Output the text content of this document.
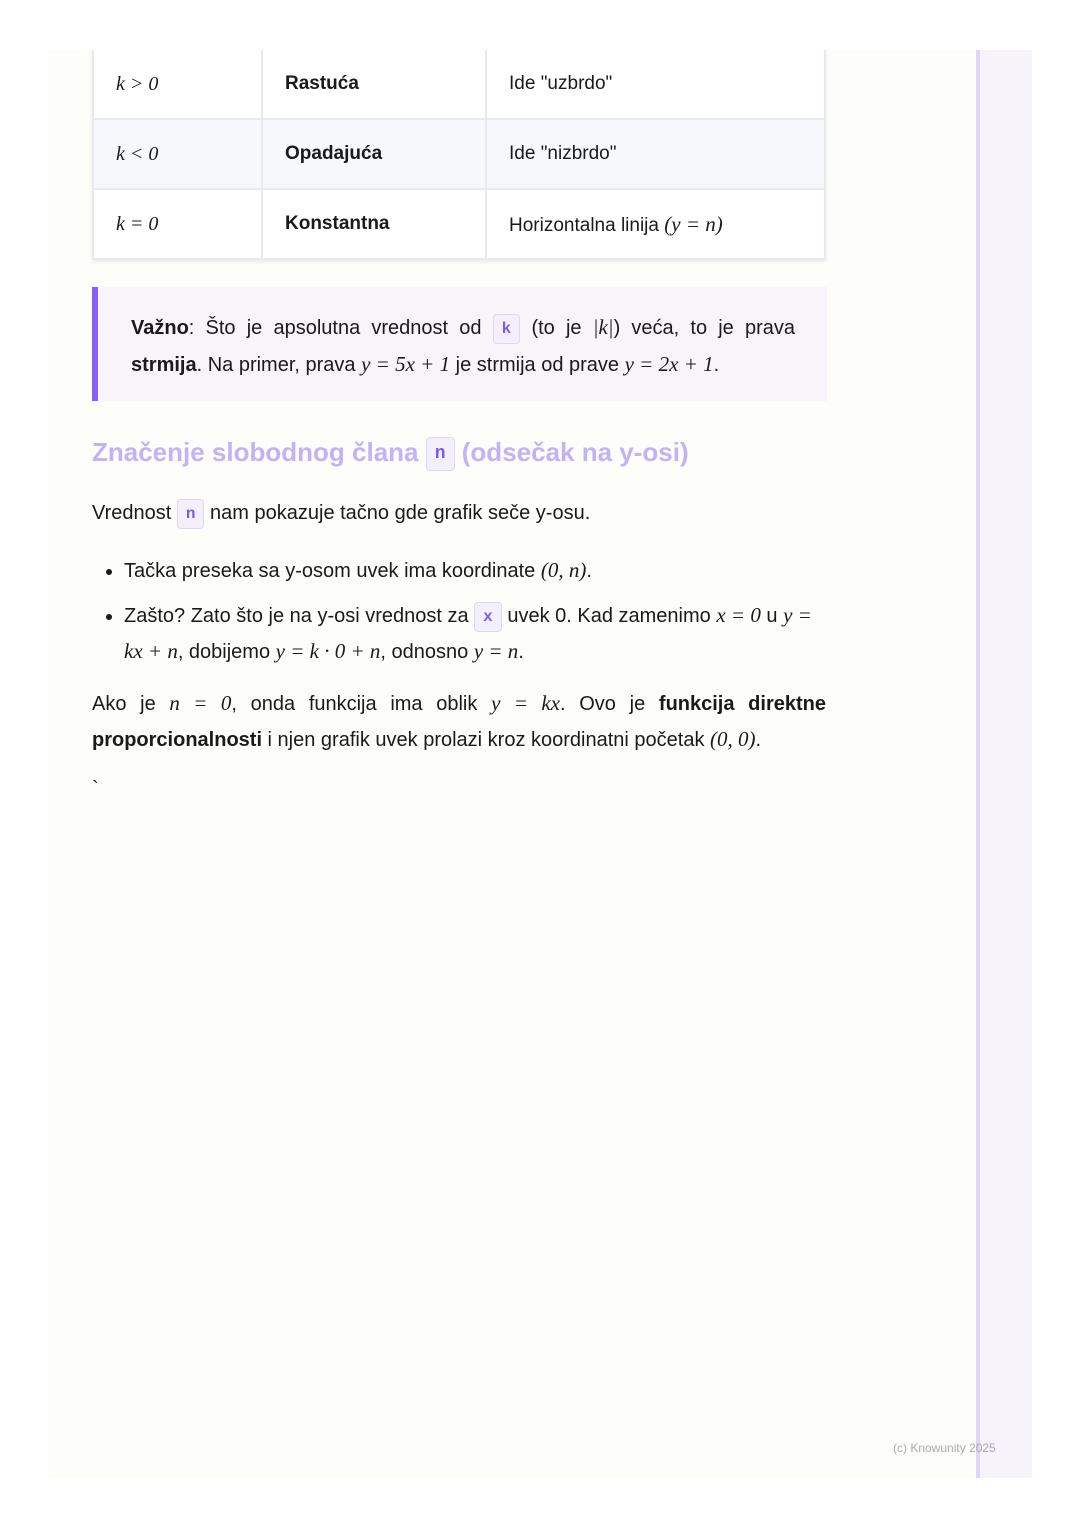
k > 0	Rastuća	Ide "uzbrdo"
k < 0	Opadajuća	Ide "nizbrdo"
k = 0	Konstantna	Horizontalna linija (y = n)
Važno: Što je apsolutna vrednost od k (to je |k|) veća, to je prava strmija. Na primer, prava y = 5x + 1 je strmija od prave y = 2x + 1.
Značenje slobodnog člana n (odsečak na y-osi)

Vrednost n nam pokazuje tačno gde grafik seče y-osu.

• Tačka preseka sa y-osom uvek ima koordinate (0, n).
• Zašto? Zato što je na y-osi vrednost za x uvek 0. Kad zamenimo x = 0 u y = kx + n, dobijemo y = k · 0 + n, odnosno y = n.

Ako je n = 0, onda funkcija ima oblik y = kx. Ovo je funkcija direktne proporcionalnosti i njen grafik uvek prolazi kroz koordinatni početak (0, 0).

`

(c) Knowunity 2025
